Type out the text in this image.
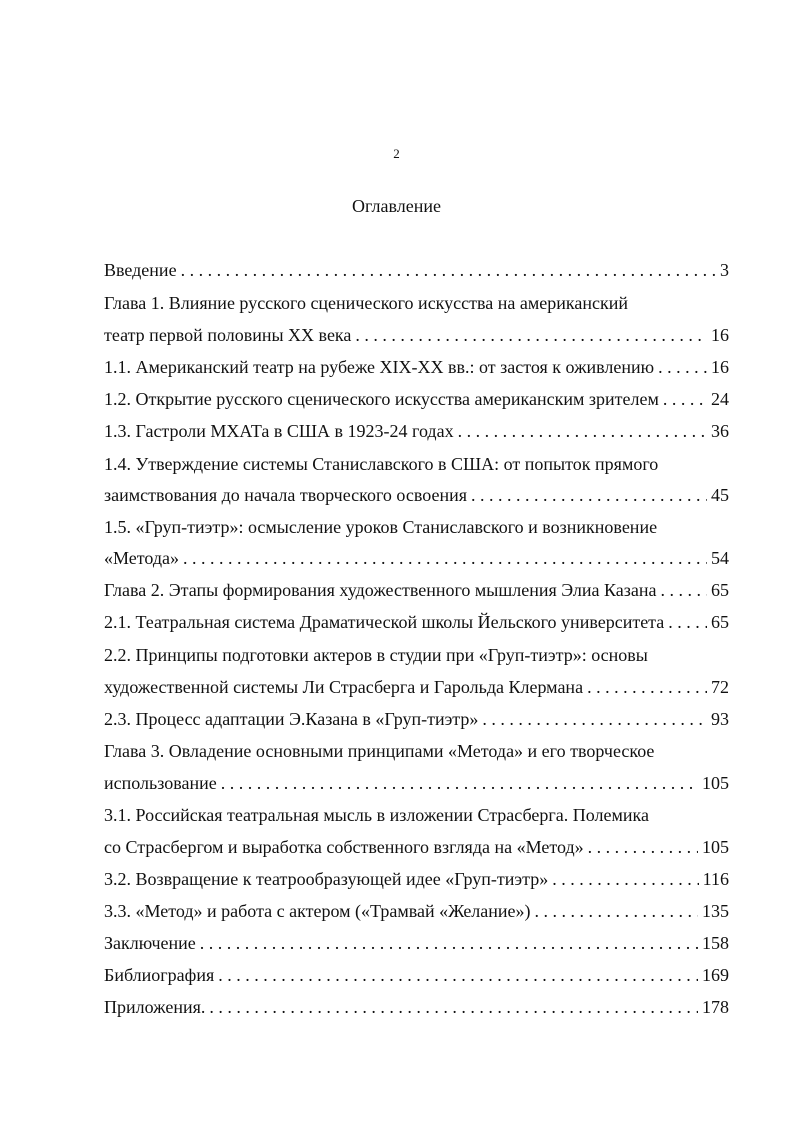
2
Оглавление
Введение . . .	3
Глава 1. Влияние русского сценического искусства на американский
театр первой половины XX века . . .	16
1.1. Американский театр на рубеже XIX-XX вв.: от застоя к оживлению . . .	16
1.2. Открытие русского сценического искусства американским зрителем . . .	24
1.3. Гастроли МХАТа в США в 1923-24 годах . . .	36
1.4. Утверждение системы Станиславского в США: от попыток прямого
заимствования до начала творческого освоения . . .	45
1.5. «Груп-тиэтр»: осмысление уроков Станиславского и возникновение
«Метода» . . .	54
Глава 2. Этапы формирования художественного мышления Элиа Казана . . .	65
2.1. Театральная система Драматической школы Йельского университета . . .	65
2.2. Принципы подготовки актеров в студии при «Груп-тиэтр»: основы
художественной системы Ли Страсберга и Гарольда Клермана . . .	72
2.3. Процесс адаптации Э.Казана в «Груп-тиэтр» . . .	93
Глава 3. Овладение основными принципами «Метода» и его творческое
использование . . .	105
3.1. Российская театральная мысль в изложении Страсберга. Полемика
со Страсбергом и выработка собственного взгляда на «Метод» . . .	105
3.2. Возвращение к театрообразующей идее «Груп-тиэтр» . . .	116
3.3. «Метод» и работа с актером («Трамвай «Желание») . . .	135
Заключение . . .	158
Библиография . . .	169
Приложения. . . .	178
